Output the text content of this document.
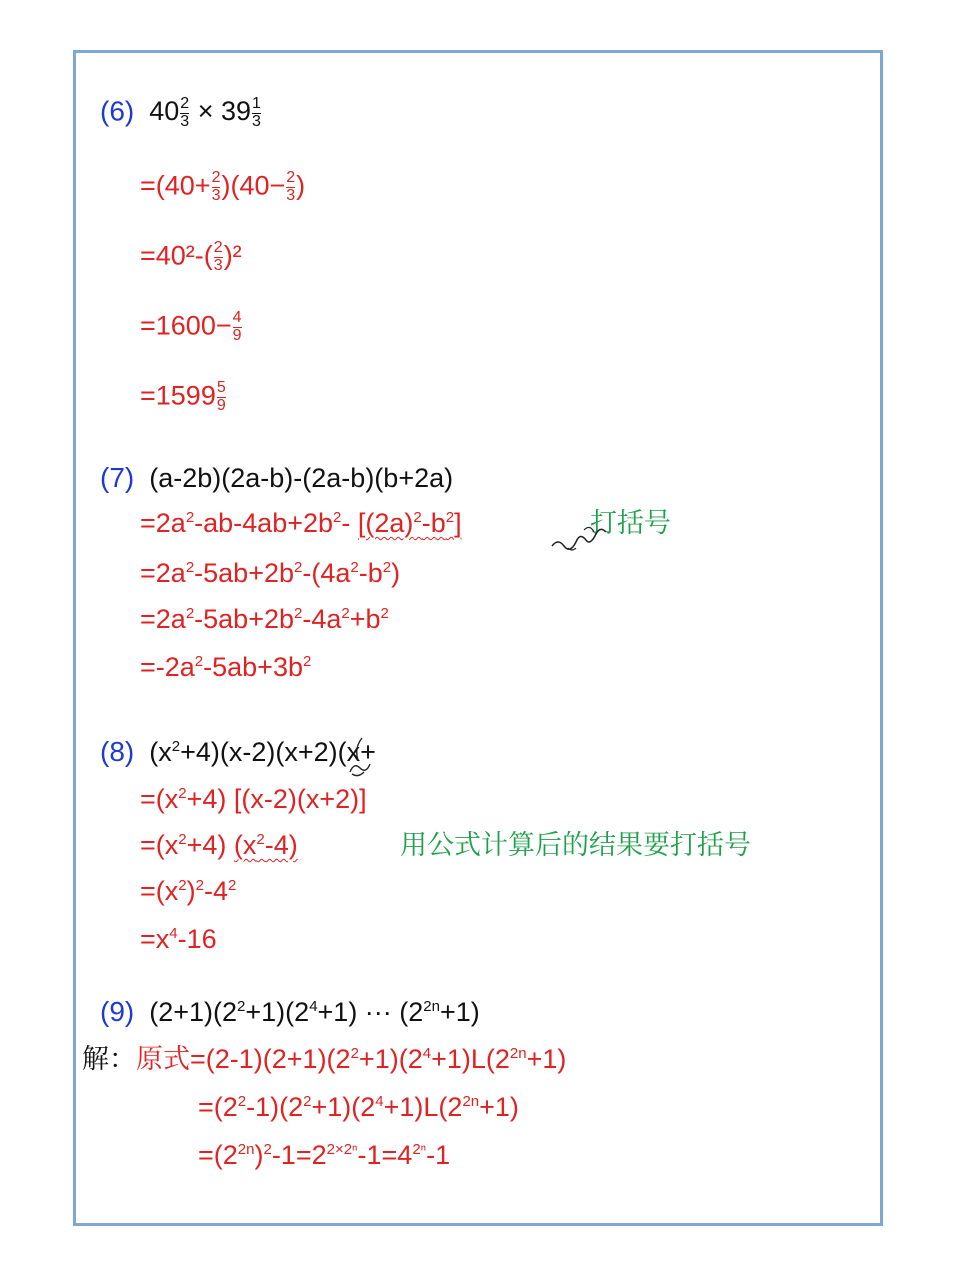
(6) $40 \frac{2}{3} \times 39 \frac{1}{3}$
$=(40+ \frac{2}{3} )(40- \frac{2}{3}$ )
$=40^2-( \frac{2}{3} )^2$
$=1600- \frac{4}{9}$
$=1599 \frac{5}{9}$
(7) (a-2b)(2a-b)-(2a-b)(b+2a)
$=2a^2-ab-4ab+2b^2-$ $[(2a)^2-b^2]$	打括号
$=2a^2-5ab+2b^2-(4a^2-b^2)$
$=2a^2-5ab+2b^2-4a^2+b^2$
$=-2a^2-5ab+3b^2$
(8) $(x^2+4)(x-2)(x+2)(x+$
$=(x^2+4)$ [(x-2)(x+2)]
$=(x^2+4)$ $(x^2-4)$	用公式计算后的结果要打括号
$=(x^2)^2-4^2$
$=x^4-16$
(9) $(2+1)(2^2+1)(2^4+1)$ ··· $(2^{2n}+1)$
解：原式$=(2-1)(2+1)(2^2+1)(2^4+1)L(2^{2n}+1)$
$=(2^2-1)(2^2+1)(2^4+1)L(2^{2n}+1)$
$=(2^{2n})^2-1=2^{2\times 2^n}-1=4^{2^n}-1$
